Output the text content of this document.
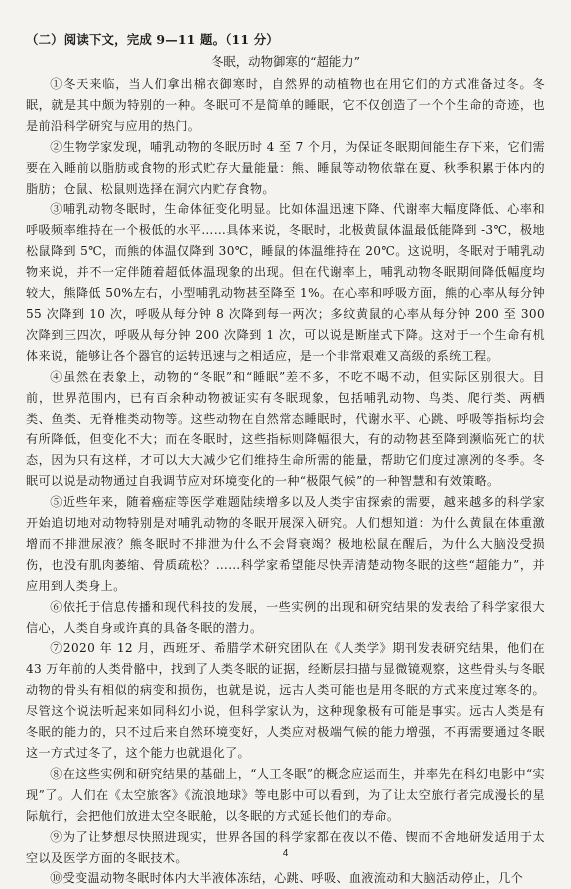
（二）阅读下文，完成 9—11 题。（11 分）
冬眠，动物御寒的“超能力”

①冬天来临，当人们拿出棉衣御寒时，自然界的动植物也在用它们的方式准备过冬。冬眠，就是其中颇为特别的一种。冬眠可不是简单的睡眠，它不仅创造了一个个生命的奇迹，也是前沿科学研究与应用的热门。

②生物学家发现，哺乳动物的冬眠历时 4 至 7 个月，为保证冬眠期间能生存下来，它们需要在入睡前以脂肪或食物的形式贮存大量能量：熊、睡鼠等动物依靠在夏、秋季积累于体内的脂肪；仓鼠、松鼠则选择在洞穴内贮存食物。

③哺乳动物冬眠时，生命体征变化明显。比如体温迅速下降、代谢率大幅度降低、心率和呼吸频率维持在一个极低的水平……具体来说，冬眠时，北极黄鼠体温最低能降到 -3℃，极地松鼠降到 5℃，而熊的体温仅降到 30℃，睡鼠的体温维持在 20℃。这说明，冬眠对于哺乳动物来说，并不一定伴随着超低体温现象的出现。但在代谢率上，哺乳动物冬眠期间降低幅度均较大，熊降低 50%左右，小型哺乳动物甚至降至 1%。在心率和呼吸方面，熊的心率从每分钟 55 次降到 10 次，呼吸从每分钟 8 次降到每一两次；多纹黄鼠的心率从每分钟 200 至 300 次降到三四次，呼吸从每分钟 200 次降到 1 次，可以说是断崖式下降。这对于一个生命有机体来说，能够让各个器官的运转迅速与之相适应，是一个非常艰难又高级的系统工程。

④虽然在表象上，动物的“冬眠”和“睡眠”差不多，不吃不喝不动，但实际区别很大。目前，世界范围内，已有百余种动物被证实有冬眠现象，包括哺乳动物、鸟类、爬行类、两栖类、鱼类、无脊椎类动物等。这些动物在自然常态睡眠时，代谢水平、心跳、呼吸等指标均会有所降低，但变化不大；而在冬眠时，这些指标则降幅很大，有的动物甚至降到濒临死亡的状态，因为只有这样，才可以大大减少它们维持生命所需的能量，帮助它们度过凛冽的冬季。冬眠可以说是动物通过自我调节应对环境变化的一种“极限气候”的一种智慧和有效策略。

⑤近些年来，随着癌症等医学难题陆续增多以及人类宇宙探索的需要，越来越多的科学家开始追切地对动物特别是对哺乳动物的冬眠开展深入研究。人们想知道：为什么黄鼠在体重激增而不排泄尿液？熊冬眠时不排泄为什么不会肾衰竭？极地松鼠在醒后，为什么大脑没受损伤，也没有肌肉萎缩、骨质疏松？……科学家希望能尽快弄清楚动物冬眠的这些“超能力”，并应用到人类身上。

⑥依托于信息传播和现代科技的发展，一些实例的出现和研究结果的发表给了科学家很大信心，人类自身或许真的具备冬眠的潜力。

⑦2020 年 12 月，西班牙、希腊学术研究团队在《人类学》期刊发表研究结果，他们在 43 万年前的人类骨骼中，找到了人类冬眠的证据，经断层扫描与显微镜观察，这些骨头与冬眠动物的骨头有相似的病变和损伤，也就是说，远古人类可能也是用冬眠的方式来度过寒冬的。尽管这个说法听起来如同科幻小说，但科学家认为，这种现象极有可能是事实。远古人类是有冬眠的能力的，只不过后来自然环境变好，人类应对极端气候的能力增强，不再需要通过冬眠这一方式过冬了，这个能力也就退化了。

⑧在这些实例和研究结果的基础上，“人工冬眠”的概念应运而生，并率先在科幻电影中“实现”了。人们在《太空旅客》《流浪地球》等电影中可以看到，为了让太空旅行者完成漫长的星际航行，会把他们放进太空冬眠舱，以冬眠的方式延长他们的寿命。

⑨为了让梦想尽快照进现实，世界各国的科学家都在夜以不倦、锲而不舍地研发适用于太空以及医学方面的冬眠技术。

⑩受变温动物冬眠时体内大半液体冻结，心跳、呼吸、血液流动和大脑活动停止，几个

4
